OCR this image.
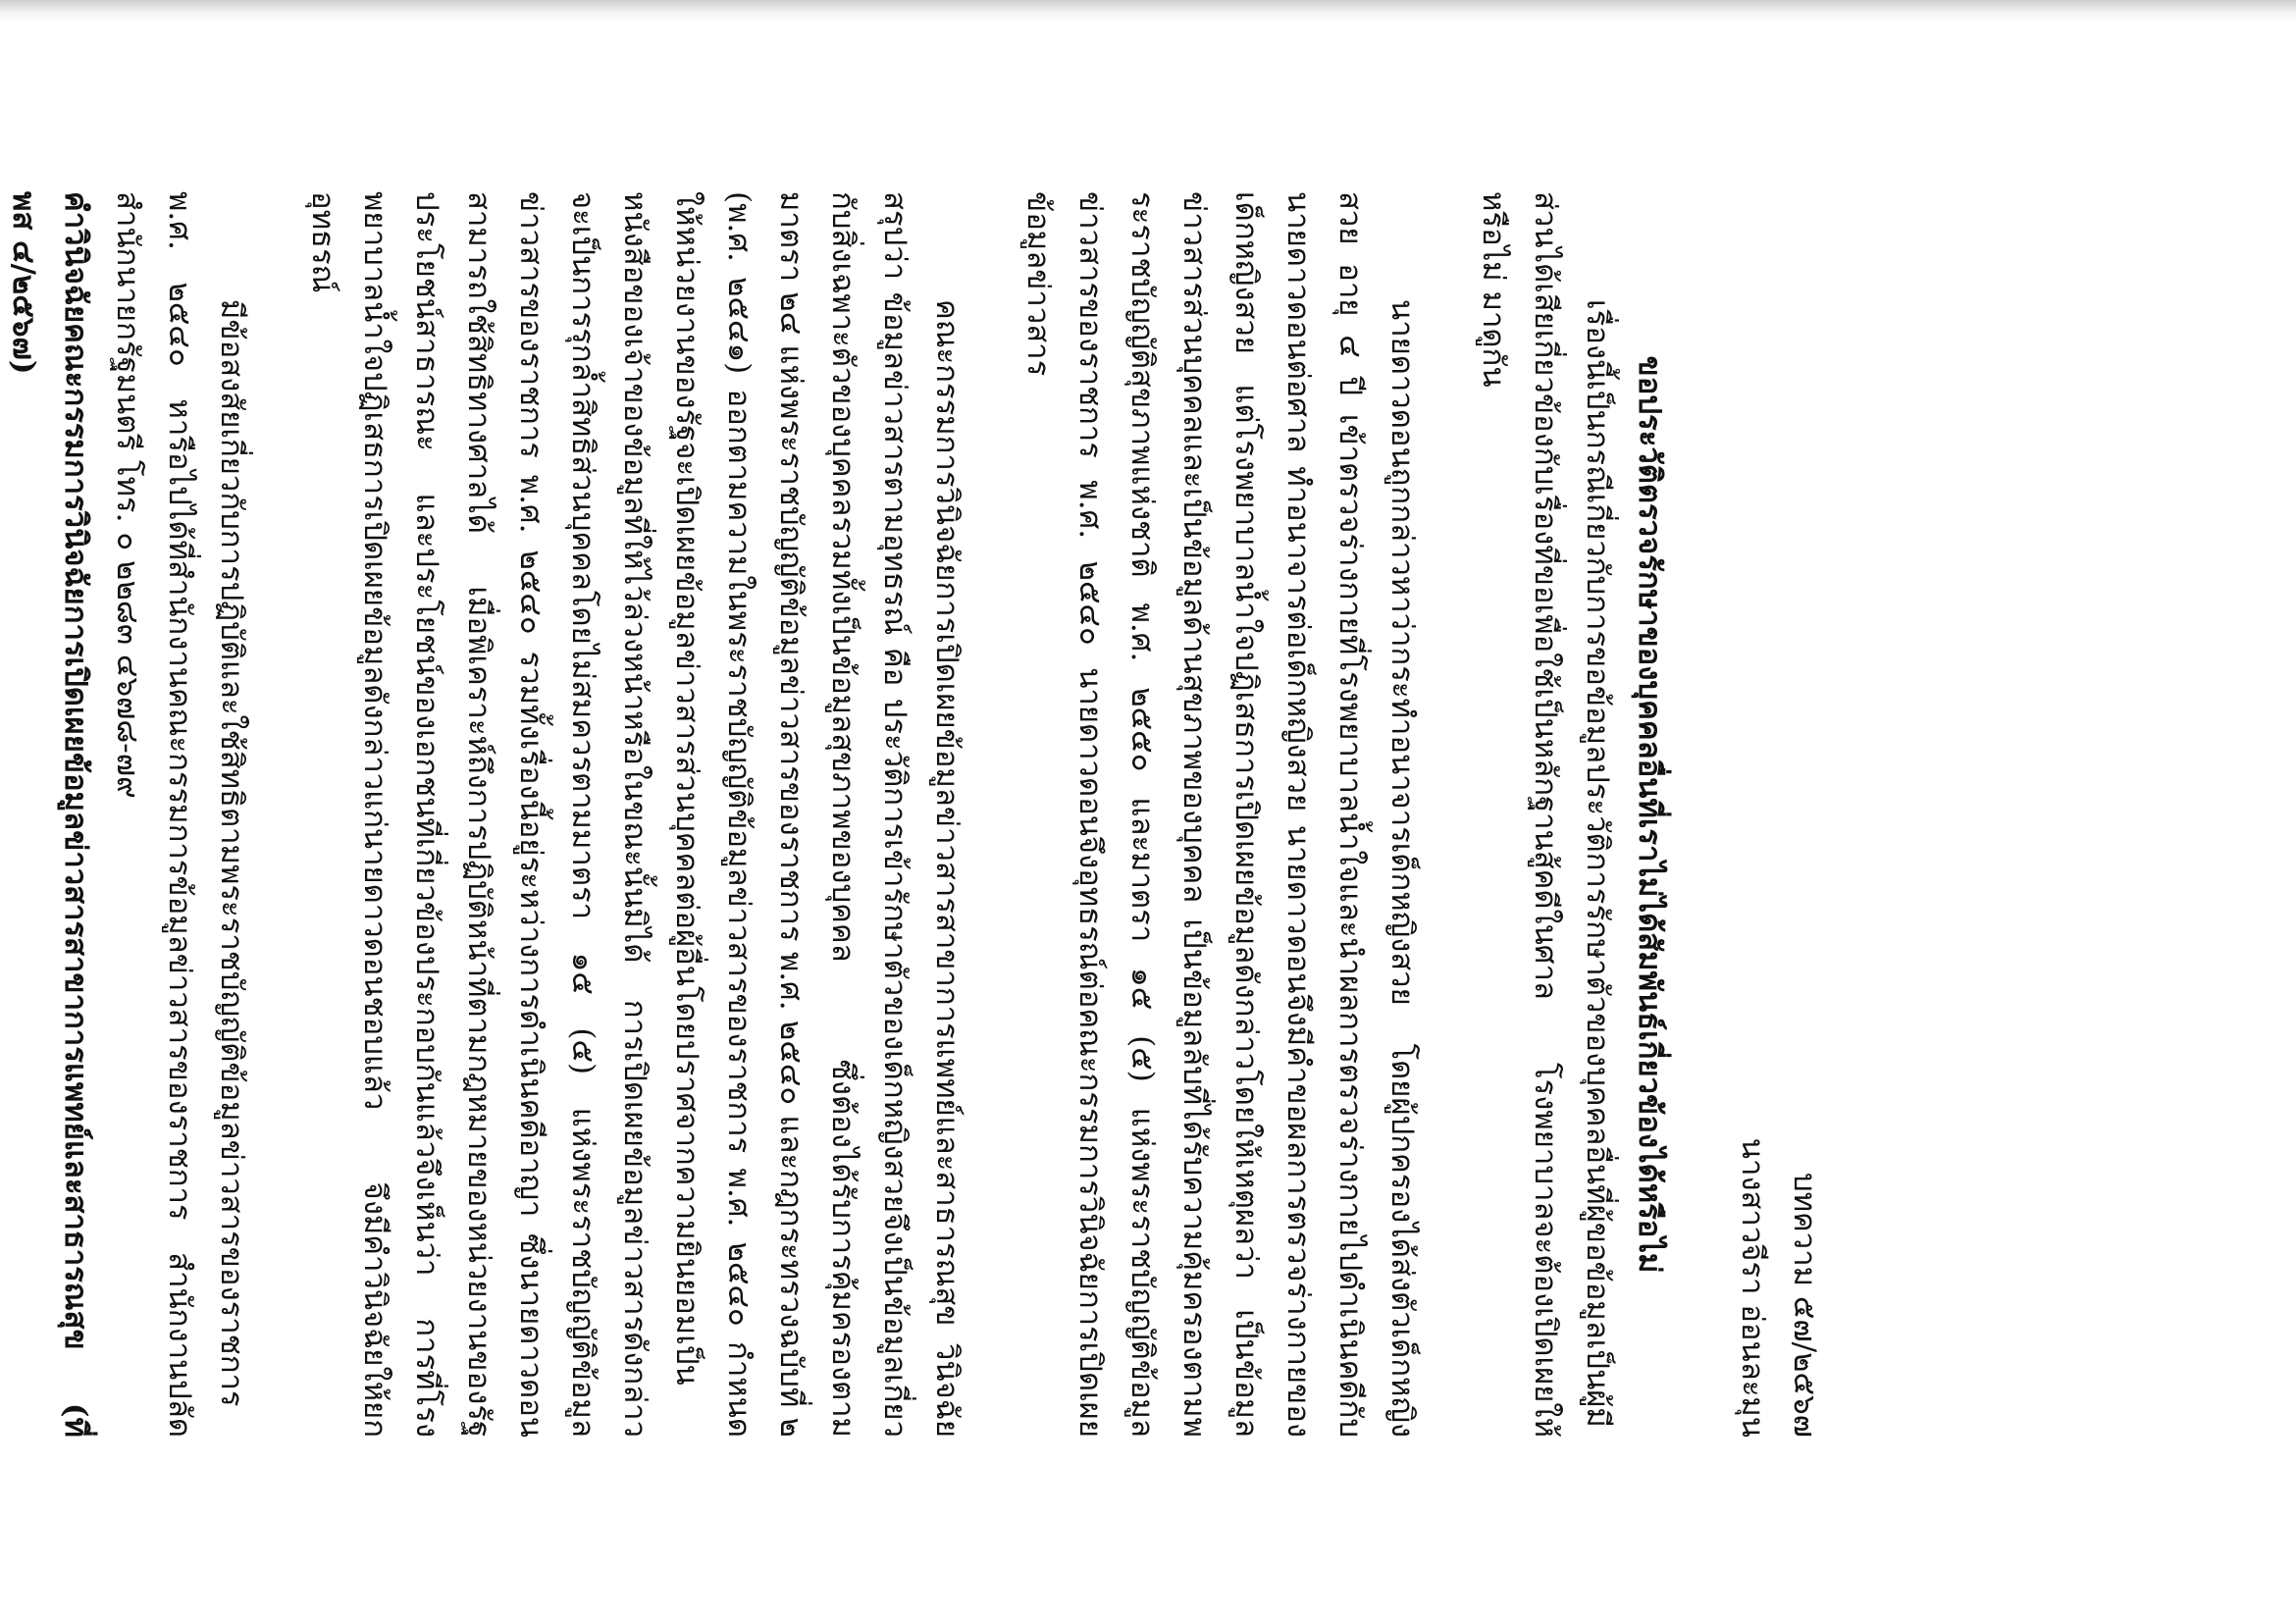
บทความ ๕๗/๒๕๖๗
นางสาวจีรา อ่อนละมุน
ขอประวัติตรวจรักษาของบุคคลอื่นที่เราไม่ได้สัมพันธ์เกี่ยวข้องได้หรือไม่

เรื่องนี้เป็นกรณีเกี่ยวกับการขอข้อมูลประวัติการรักษาตัวของบุคคลอื่นที่ผู้ขอข้อมูลเป็นผู้มีส่วนได้เสียเกี่ยวข้องกับเรื่องที่ขอเพื่อใช้เป็นหลักฐานสู้คดีในศาล โรงพยาบาลจะต้องเปิดเผยให้หรือไม่ มาดูกัน

นายดาวดอนถูกกล่าวหาว่ากระทำอนาจารเด็กหญิงสวย โดยผู้ปกครองได้ส่งตัวเด็กหญิงสวย อายุ ๔ ปี เข้าตรวจร่างกายที่โรงพยาบาลน้ำใจและนำผลการตรวจร่างกายไปดำเนินคดีกับนายดาวดอนต่อศาล ทำอนาจารต่อเด็กหญิงสวย นายดาวดอนจึงมีคำขอผลการตรวจร่างกายของเด็กหญิงสวย แต่โรงพยาบาลน้ำใจปฏิเสธการเปิดเผยข้อมูลดังกล่าวโดยให้เหตุผลว่า เป็นข้อมูลข่าวสารส่วนบุคคลและเป็นข้อมูลด้านสุขภาพของบุคคล เป็นข้อมูลลับที่ได้รับความคุ้มครองตามพระราชบัญญัติสุขภาพแห่งชาติ พ.ศ. ๒๕๕๐ และมาตรา ๑๕ (๕) แห่งพระราชบัญญัติข้อมูลข่าวสารของราชการ พ.ศ. ๒๕๔๐ นายดาวดอนจึงอุทธรณ์ต่อคณะกรรมการวินิจฉัยการเปิดเผยข้อมูลข่าวสาร

คณะกรรมการวินิจฉัยการเปิดเผยข้อมูลข่าวสารสาขาการแพทย์และสาธารณสุข วินิจฉัยสรุปว่า ข้อมูลข่าวสารตามอุทธรณ์ คือ ประวัติการเข้ารักษาตัวของเด็กหญิงสวยจึงเป็นข้อมูลเกี่ยวกับสิ่งเฉพาะตัวของบุคคลรวมทั้งเป็นข้อมูลสุขภาพของบุคคล ซึ่งต้องได้รับการคุ้มครองตามมาตรา ๒๔ แห่งพระราชบัญญัติข้อมูลข่าวสารของราชการ พ.ศ. ๒๕๔๐ และกฎกระทรวงฉบับที่ ๒ (พ.ศ. ๒๕๔๑) ออกตามความในพระราชบัญญัติข้อมูลข่าวสารของราชการ พ.ศ. ๒๕๔๐ กำหนดให้หน่วยงานของรัฐจะเปิดเผยข้อมูลข่าวสารส่วนบุคคลต่อผู้อื่นโดยปราศจากความยินยอมเป็นหนังสือของเจ้าของข้อมูลที่ให้ไว้ล่วงหน้าหรือในขณะนั้นมิได้ การเปิดเผยข้อมูลข่าวสารดังกล่าวจะเป็นการรุกล้ำสิทธิส่วนบุคคลโดยไม่สมควรตามมาตรา ๑๕ (๕) แห่งพระราชบัญญัติข้อมูลข่าวสารของราชการ พ.ศ. ๒๕๔๐ รวมทั้งเรื่องนี้อยู่ระหว่างการดำเนินคดีอาญา ซึ่งนายดาวดอนสามารถใช้สิทธิทางศาลได้ เมื่อพิเคราะห์ถึงการปฏิบัติหน้าที่ตามกฎหมายของหน่วยงานของรัฐ ประโยชน์สาธารณะ และประโยชน์ของเอกชนที่เกี่ยวข้องประกอบกันแล้วจึงเห็นว่า การที่โรงพยาบาลน้ำใจปฏิเสธการเปิดเผยข้อมูลดังกล่าวแก่นายดาวดอนชอบแล้ว จึงมีคำวินิจฉัยให้ยกอุทธรณ์

มีข้อสงสัยเกี่ยวกับการปฏิบัติและใช้สิทธิตามพระราชบัญญัติข้อมูลข่าวสารของราชการ พ.ศ. ๒๕๔๐ หารือไปได้ที่สำนักงานคณะกรรมการข้อมูลข่าวสารของราชการ สำนักงานปลัดสำนักนายกรัฐมนตรี โทร. ๐ ๒๒๘๓ ๔๖๗๘-๗๙

คำวินิจฉัยคณะกรรมการวินิจฉัยการเปิดเผยข้อมูลข่าวสารสาขาการแพทย์และสาธารณสุข (ที่ พส ๔/๒๕๖๗)
